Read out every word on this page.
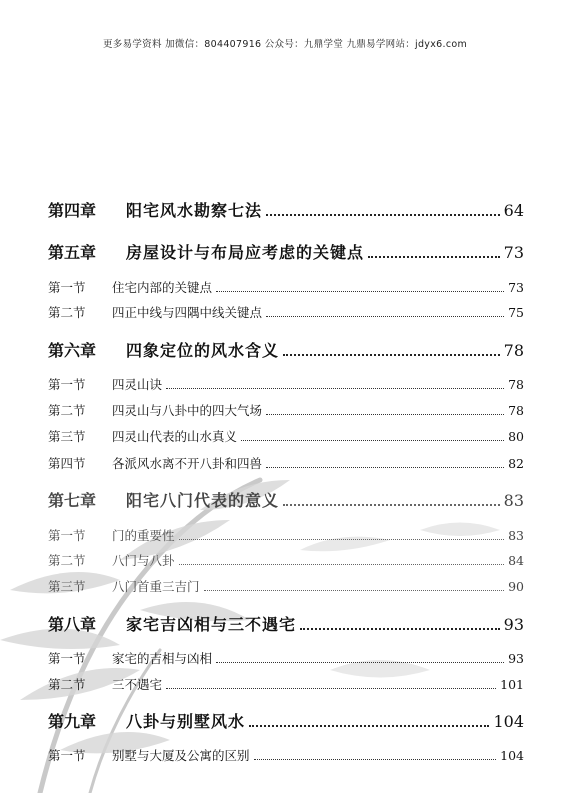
更多易学资料 加微信：804407916 公众号：九鼎学堂 九鼎易学网站：jdyx6.com
第四章	阳宅风水勘察七法	64
第五章	房屋设计与布局应考虑的关键点	73
第一节	住宅内部的关键点	73
第二节	四正中线与四隅中线关键点	75
第六章	四象定位的风水含义	78
第一节	四灵山诀	78
第二节	四灵山与八卦中的四大气场	78
第三节	四灵山代表的山水真义	80
第四节	各派风水离不开八卦和四兽	82
第七章	阳宅八门代表的意义	83
第一节	门的重要性	83
第二节	八门与八卦	84
第三节	八门首重三吉门	90
第八章	家宅吉凶相与三不遇宅	93
第一节	家宅的吉相与凶相	93
第二节	三不遇宅	101
第九章	八卦与别墅风水	104
第一节	别墅与大厦及公寓的区别	104
